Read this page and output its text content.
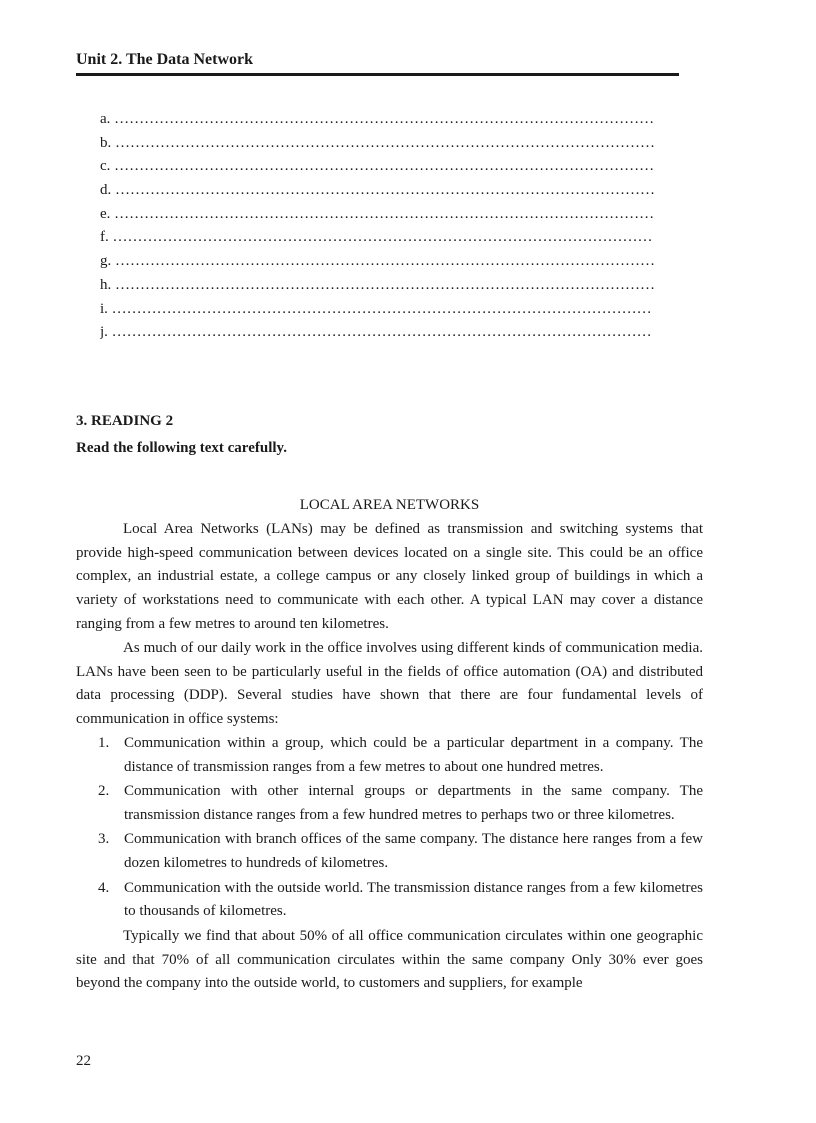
Unit 2. The Data Network
a. ………………………………………………………………………………………………
b. ………………………………………………………………………………………………
c. ………………………………………………………………………………………………
d. ………………………………………………………………………………………………
e. ………………………………………………………………………………………………
f. ………………………………………………………………………………………………
g. ………………………………………………………………………………………………
h. ………………………………………………………………………………………………
i. ………………………………………………………………………………………………
j. ………………………………………………………………………………………………
3. READING 2
Read the following text carefully.

LOCAL AREA NETWORKS

Local Area Networks (LANs) may be defined as transmission and switching systems that provide high-speed communication between devices located on a single site. This could be an office complex, an industrial estate, a college campus or any closely linked group of buildings in which a variety of workstations need to communicate with each other. A typical LAN may cover a distance ranging from a few metres to around ten kilometres.

As much of our daily work in the office involves using different kinds of communication media. LANs have been seen to be particularly useful in the fields of office automation (OA) and distributed data processing (DDP). Several studies have shown that there are four fundamental levels of communication in office systems:

1. Communication within a group, which could be a particular department in a company. The distance of transmission ranges from a few metres to about one hundred metres.
2. Communication with other internal groups or departments in the same company. The transmission distance ranges from a few hundred metres to perhaps two or three kilometres.
3. Communication with branch offices of the same company. The distance here ranges from a few dozen kilometres to hundreds of kilometres.
4. Communication with the outside world. The transmission distance ranges from a few kilometres to thousands of kilometres.

Typically we find that about 50% of all office communication circulates within one geographic site and that 70% of all communication circulates within the same company Only 30% ever goes beyond the company into the outside world, to customers and suppliers, for example

22
